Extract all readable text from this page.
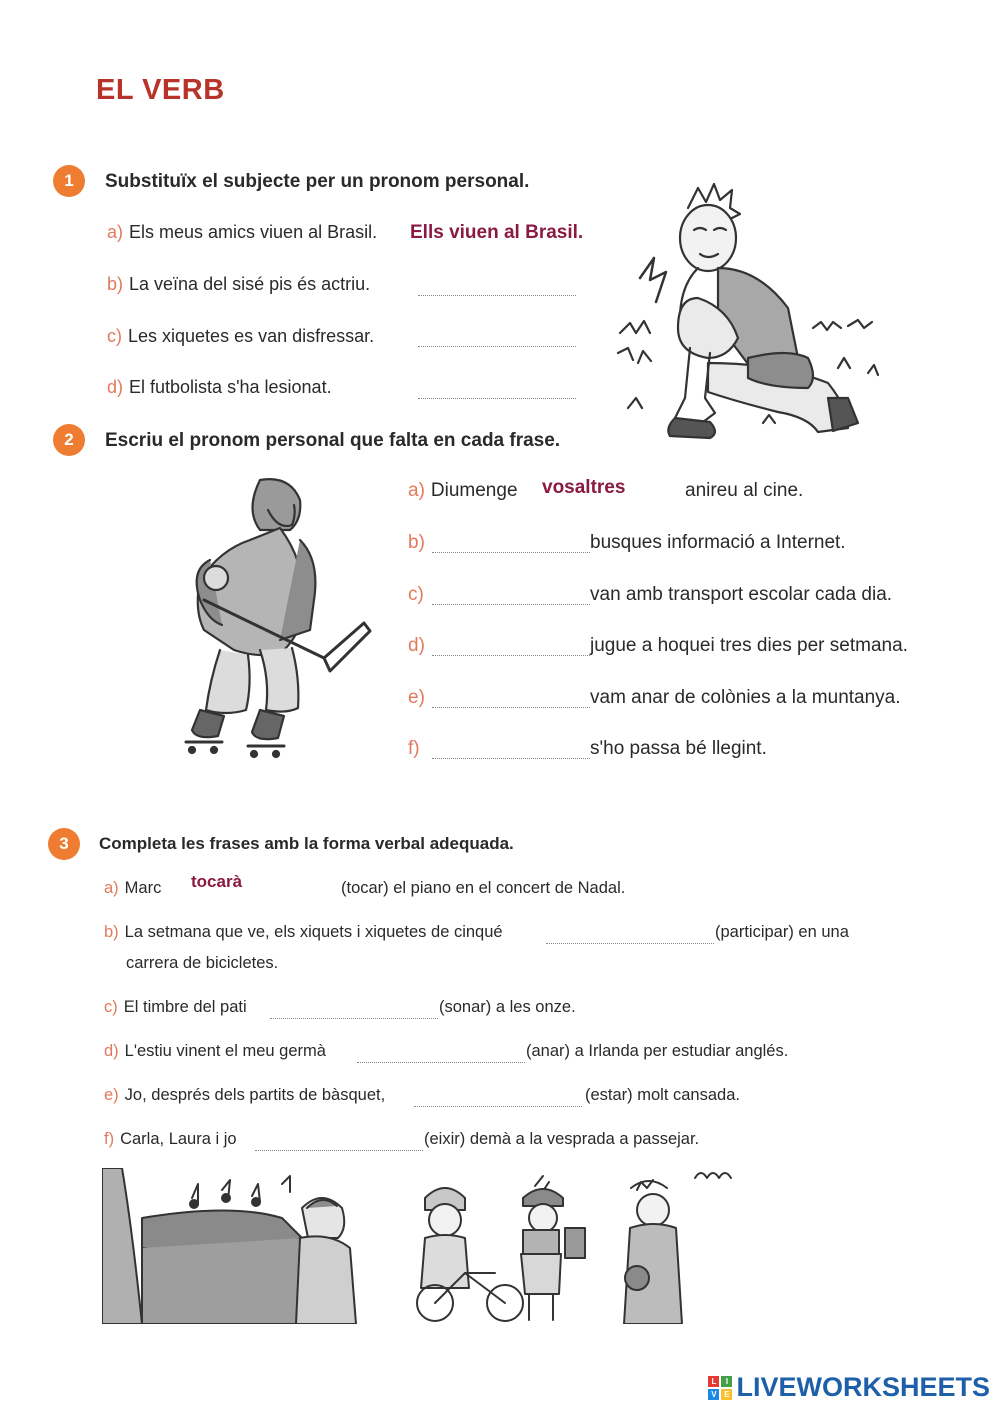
EL VERB
1	Substituïx el subjecte per un pronom personal.
a) Els meus amics viuen al Brasil. Ells viuen al Brasil.
b) La veïna del sisé pis és actriu.
c) Les xiquetes es van disfressar.
d) El futbolista s'ha lesionat.
2	Escriu el pronom personal que falta en cada frase.
a) Diumenge vosaltres	anireu al cine.
b)	busques informació a Internet.
c)	van amb transport escolar cada dia.
d)	jugue a hoquei tres dies per setmana.
e)	vam anar de colònies a la muntanya.
f)	s'ho passa bé llegint.
3	Completa les frases amb la forma verbal adequada.
a) Marc tocarà	(tocar) el piano en el concert de Nadal.
b) La setmana que ve, els xiquets i xiquetes de cinqué	(participar) en una
carrera de bicicletes.
c) El timbre del pati	(sonar) a les onze.
d) L'estiu vinent el meu germà	(anar) a Irlanda per estudiar anglés.
e) Jo, després dels partits de bàsquet,	(estar) molt cansada.
f) Carla, Laura i jo	(eixir) demà a la vesprada a passejar.
L	I
V E LIVEWORKSHEETS
